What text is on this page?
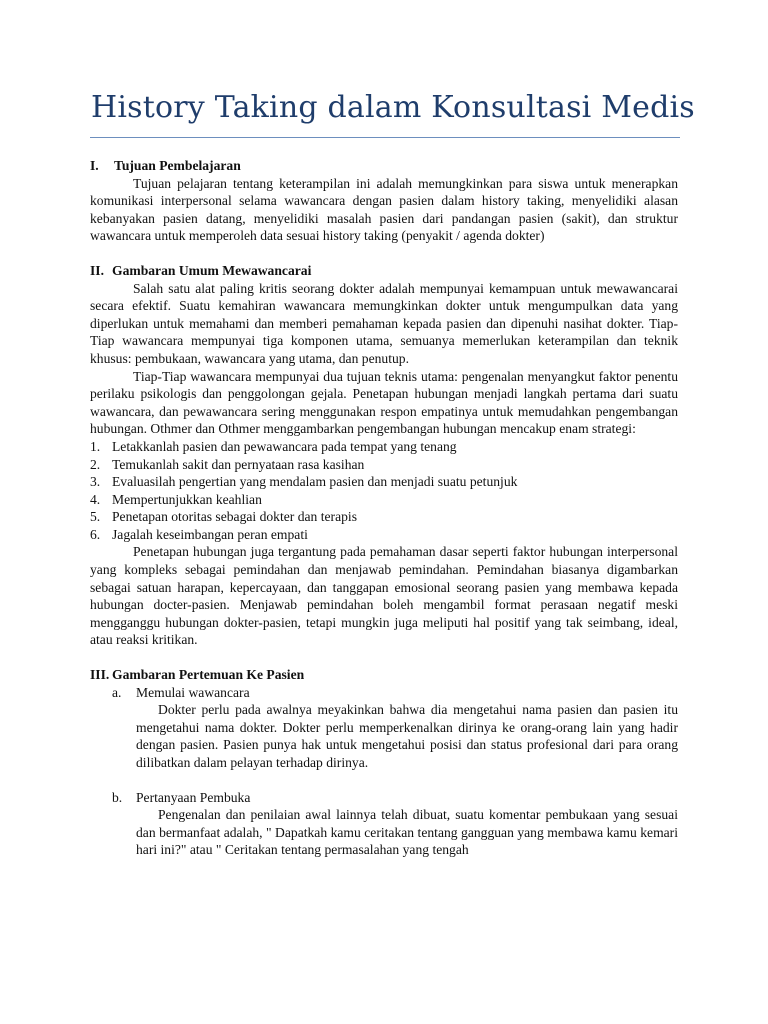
History Taking dalam Konsultasi Medis
I.	Tujuan Pembelajaran

Tujuan pelajaran tentang keterampilan ini adalah memungkinkan para siswa untuk menerapkan komunikasi interpersonal selama wawancara dengan pasien dalam history taking, menyelidiki alasan kebanyakan pasien datang, menyelidiki masalah pasien dari pandangan pasien (sakit), dan struktur wawancara untuk memperoleh data sesuai history taking (penyakit / agenda dokter)

II. Gambaran Umum Mewawancarai

Salah satu alat paling kritis seorang dokter adalah mempunyai kemampuan untuk mewawancarai secara efektif. Suatu kemahiran wawancara memungkinkan dokter untuk mengumpulkan data yang diperlukan untuk memahami dan memberi pemahaman kepada pasien dan dipenuhi nasihat dokter. Tiap-Tiap wawancara mempunyai tiga komponen utama, semuanya memerlukan keterampilan dan teknik khusus: pembukaan, wawancara yang utama, dan penutup.

Tiap-Tiap wawancara mempunyai dua tujuan teknis utama: pengenalan menyangkut faktor penentu perilaku psikologis dan penggolongan gejala. Penetapan hubungan menjadi langkah pertama dari suatu wawancara, dan pewawancara sering menggunakan respon empatinya untuk memudahkan pengembangan hubungan. Othmer dan Othmer menggambarkan pengembangan hubungan mencakup enam strategi:

1. Letakkanlah pasien dan pewawancara pada tempat yang tenang
2. Temukanlah sakit dan pernyataan rasa kasihan
3. Evaluasilah pengertian yang mendalam pasien dan menjadi suatu petunjuk
4. Mempertunjukkan keahlian
5. Penetapan otoritas sebagai dokter dan terapis
6. Jagalah keseimbangan peran empati

Penetapan hubungan juga tergantung pada pemahaman dasar seperti faktor hubungan interpersonal yang kompleks sebagai pemindahan dan menjawab pemindahan. Pemindahan biasanya digambarkan sebagai satuan harapan, kepercayaan, dan tanggapan emosional seorang pasien yang membawa kepada hubungan docter-pasien. Menjawab pemindahan boleh mengambil format perasaan negatif meski mengganggu hubungan dokter-pasien, tetapi mungkin juga meliputi hal positif yang tak seimbang, ideal, atau reaksi kritikan.

III. Gambaran Pertemuan Ke Pasien
a.	Memulai wawancara

Dokter perlu pada awalnya meyakinkan bahwa dia mengetahui nama pasien dan pasien itu mengetahui nama dokter. Dokter perlu memperkenalkan dirinya ke orang-orang lain yang hadir dengan pasien. Pasien punya hak untuk mengetahui posisi dan status profesional dari para orang dilibatkan dalam pelayan terhadap dirinya.

b.	Pertanyaan Pembuka

Pengenalan dan penilaian awal lainnya telah dibuat, suatu komentar pembukaan yang sesuai dan bermanfaat adalah, " Dapatkah kamu ceritakan tentang gangguan yang membawa kamu kemari hari ini?" atau " Ceritakan tentang permasalahan yang tengah
